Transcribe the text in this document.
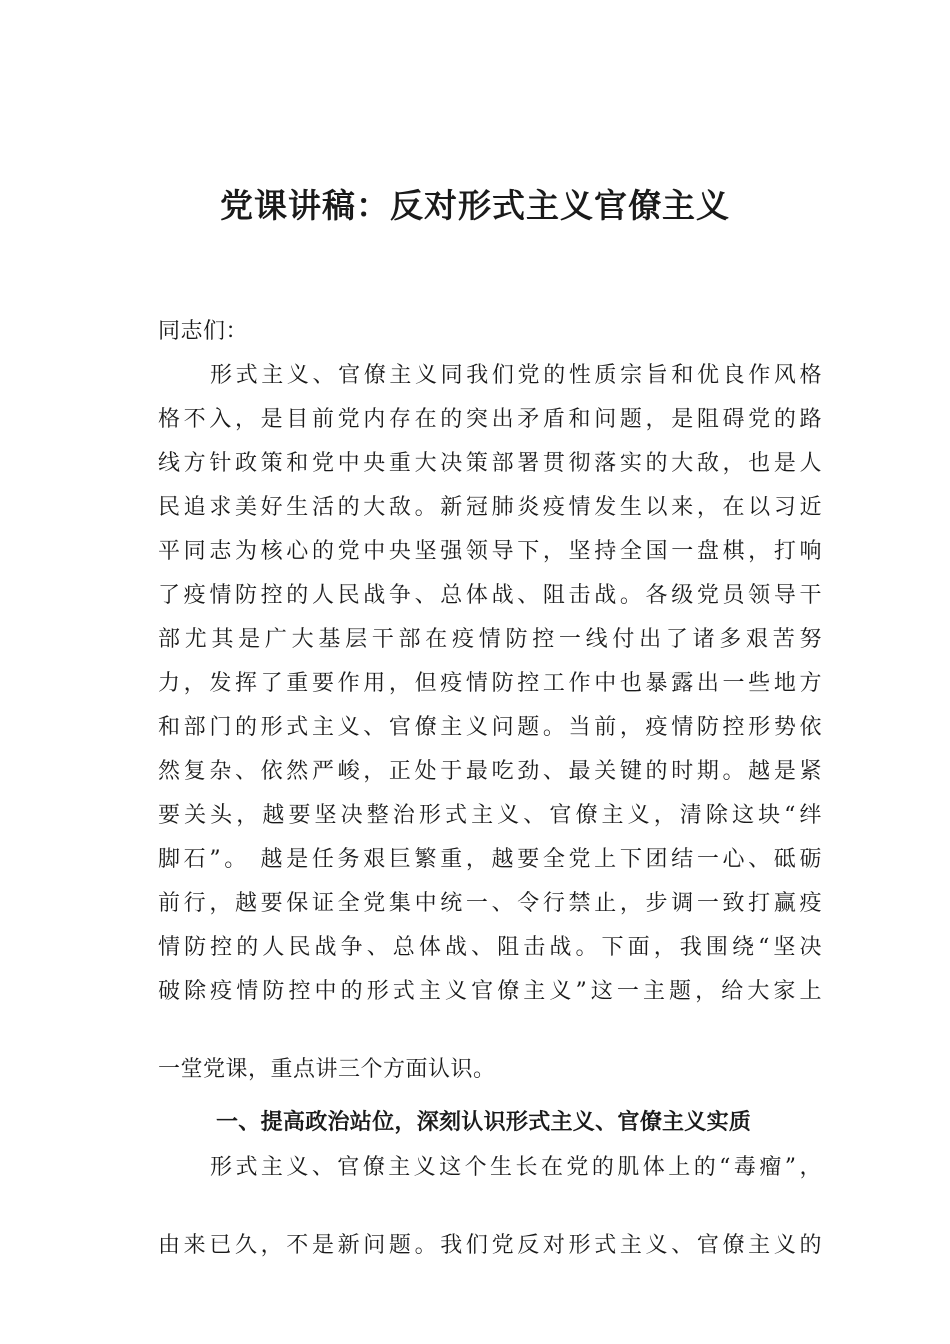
党课讲稿：反对形式主义官僚主义
同志们：
形式主义、官僚主义同我们党的性质宗旨和优良作风格
格不入，是目前党内存在的突出矛盾和问题，是阻碍党的路
线方针政策和党中央重大决策部署贯彻落实的大敌，也是人
民追求美好生活的大敌。新冠肺炎疫情发生以来，在以习近
平同志为核心的党中央坚强领导下，坚持全国一盘棋，打响
了疫情防控的人民战争、总体战、阻击战。各级党员领导干
部尤其是广大基层干部在疫情防控一线付出了诸多艰苦努
力，发挥了重要作用，但疫情防控工作中也暴露出一些地方
和部门的形式主义、官僚主义问题。当前，疫情防控形势依
然复杂、依然严峻，正处于最吃劲、最关键的时期。越是紧
要关头，越要坚决整治形式主义、官僚主义，清除这块“绊
脚石”。 越是任务艰巨繁重，越要全党上下团结一心、砥砺
前行，越要保证全党集中统一、令行禁止，步调一致打赢疫
情防控的人民战争、总体战、阻击战。下面，我围绕“坚决
破除疫情防控中的形式主义官僚主义”这一主题，给大家上
一堂党课，重点讲三个方面认识。
一、提高政治站位，深刻认识形式主义、官僚主义实质
形式主义、官僚主义这个生长在党的肌体上的“毒瘤”，
由来已久，不是新问题。我们党反对形式主义、官僚主义的
